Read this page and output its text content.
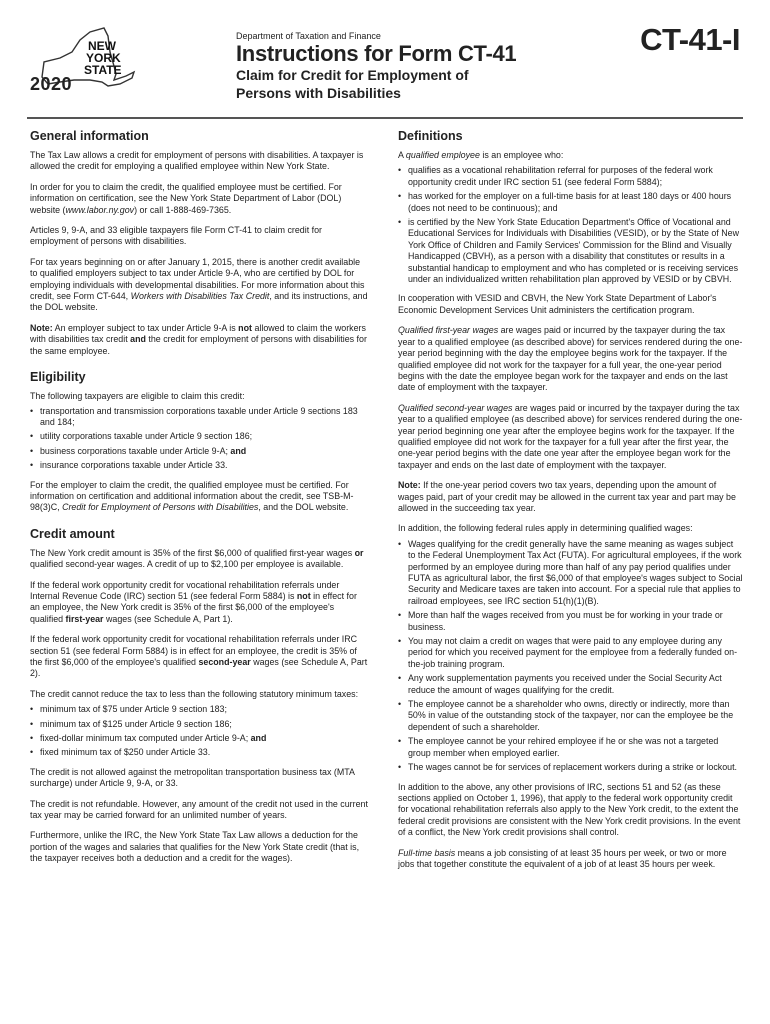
NEW
YORK
STATE
2020
Department of Taxation and Finance
Instructions for Form CT-41
Claim for Credit for Employment of
Persons with Disabilities
CT-41-I
General information

The Tax Law allows a credit for employment of persons with disabilities. A taxpayer is allowed the credit for employing a qualified employee within New York State.

In order for you to claim the credit, the qualified employee must be certified. For information on certification, see the New York State Department of Labor (DOL) website (www.labor.ny.gov) or call 1-888-469-7365.

Articles 9, 9-A, and 33 eligible taxpayers file Form CT-41 to claim credit for employment of persons with disabilities.

For tax years beginning on or after January 1, 2015, there is another credit available to qualified employers subject to tax under Article 9-A, who are certified by DOL for employing individuals with developmental disabilities. For more information about this credit, see Form CT-644, Workers with Disabilities Tax Credit, and its instructions, and the DOL website.

Note: An employer subject to tax under Article 9-A is not allowed to claim the workers with disabilities tax credit and the credit for employment of persons with disabilities for the same employee.

Eligibility

The following taxpayers are eligible to claim this credit:

• transportation and transmission corporations taxable under Article 9 sections 183 and 184;
• utility corporations taxable under Article 9 section 186;
• business corporations taxable under Article 9-A; and
• insurance corporations taxable under Article 33.

For the employer to claim the credit, the qualified employee must be certified. For information on certification and additional information about the credit, see TSB-M-98(3)C, Credit for Employment of Persons with Disabilities, and the DOL website.

Credit amount

The New York credit amount is 35% of the first $6,000 of qualified first-year wages or qualified second-year wages. A credit of up to $2,100 per employee is available.

If the federal work opportunity credit for vocational rehabilitation referrals under Internal Revenue Code (IRC) section 51 (see federal Form 5884) is not in effect for an employee, the New York credit is 35% of the first $6,000 of the employee's qualified first-year wages (see Schedule A, Part 1).

If the federal work opportunity credit for vocational rehabilitation referrals under IRC section 51 (see federal Form 5884) is in effect for an employee, the credit is 35% of the first $6,000 of the employee's qualified second-year wages (see Schedule A, Part 2).

The credit cannot reduce the tax to less than the following statutory minimum taxes:

• minimum tax of $75 under Article 9 section 183;
• minimum tax of $125 under Article 9 section 186;
• fixed-dollar minimum tax computed under Article 9-A; and
• fixed minimum tax of $250 under Article 33.

The credit is not allowed against the metropolitan transportation business tax (MTA surcharge) under Article 9, 9-A, or 33.

The credit is not refundable. However, any amount of the credit not used in the current tax year may be carried forward for an unlimited number of years.

Furthermore, unlike the IRC, the New York State Tax Law allows a deduction for the portion of the wages and salaries that qualifies for the New York State credit (that is, the taxpayer receives both a deduction and a credit for the wages).

Definitions

A qualified employee is an employee who:

• qualifies as a vocational rehabilitation referral for purposes of the federal work opportunity credit under IRC section 51 (see federal Form 5884);
• has worked for the employer on a full-time basis for at least 180 days or 400 hours (does not need to be continuous); and
• is certified by the New York State Education Department's Office of Vocational and Educational Services for Individuals with Disabilities (VESID), or by the State of New York Office of Children and Family Services' Commission for the Blind and Visually Handicapped (CBVH), as a person with a disability that constitutes or results in a substantial handicap to employment and who has completed or is receiving services under an individualized written rehabilitation plan approved by VESID or by CBVH.

In cooperation with VESID and CBVH, the New York State Department of Labor's Economic Development Services Unit administers the certification program.

Qualified first-year wages are wages paid or incurred by the taxpayer during the tax year to a qualified employee (as described above) for services rendered during the one-year period beginning with the day the employee begins work for the taxpayer. If the qualified employee did not work for the taxpayer for a full year, the one-year period begins with the date the employee began work for the taxpayer and ends on the last date of employment with the taxpayer.

Qualified second-year wages are wages paid or incurred by the taxpayer during the tax year to a qualified employee (as described above) for services rendered during the one-year period beginning one year after the employee begins work for the taxpayer. If the qualified employee did not work for the taxpayer for a full year after the first year, the one-year period begins with the date one year after the employee began work for the taxpayer and ends on the last date of employment with the taxpayer.

Note: If the one-year period covers two tax years, depending upon the amount of wages paid, part of your credit may be allowed in the current tax year and part may be allowed in the succeeding tax year.

In addition, the following federal rules apply in determining qualified wages:

• Wages qualifying for the credit generally have the same meaning as wages subject to the Federal Unemployment Tax Act (FUTA). For agricultural employees, if the work performed by an employee during more than half of any pay period qualifies under FUTA as agricultural labor, the first $6,000 of that employee's wages subject to Social Security and Medicare taxes are taken into account. For a special rule that applies to railroad employees, see IRC section 51(h)(1)(B).
• More than half the wages received from you must be for working in your trade or business.
• You may not claim a credit on wages that were paid to any employee during any period for which you received payment for the employee from a federally funded on-the-job training program.
• Any work supplementation payments you received under the Social Security Act reduce the amount of wages qualifying for the credit.
• The employee cannot be a shareholder who owns, directly or indirectly, more than 50% in value of the outstanding stock of the taxpayer, nor can the employee be the dependent of such a shareholder.
• The employee cannot be your rehired employee if he or she was not a targeted group member when employed earlier.
• The wages cannot be for services of replacement workers during a strike or lockout.

In addition to the above, any other provisions of IRC, sections 51 and 52 (as these sections applied on October 1, 1996), that apply to the federal work opportunity credit for vocational rehabilitation referrals also apply to the New York credit, to the extent the federal credit provisions are consistent with the New York credit provisions. In the event of a conflict, the New York credit provisions shall control.

Full-time basis means a job consisting of at least 35 hours per week, or two or more jobs that together constitute the equivalent of a job of at least 35 hours per week.
